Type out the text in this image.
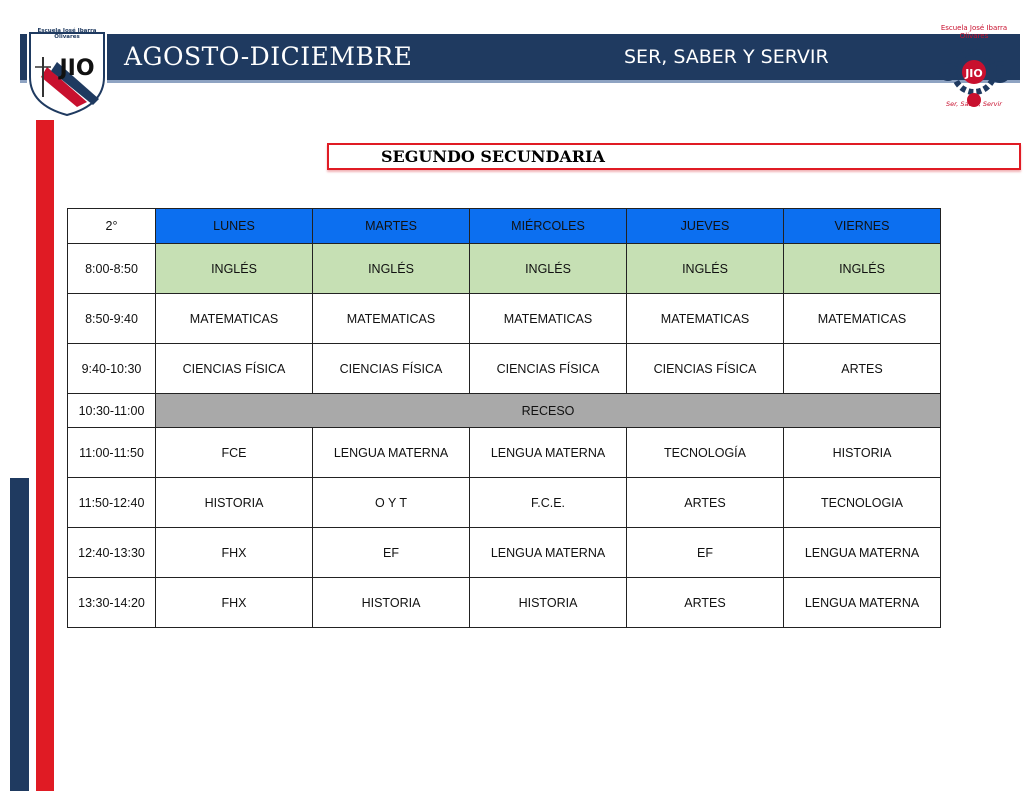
AGOSTO-DICIEMBRE	SER, SABER Y SERVIR
JIO
Escuela José Ibarra Olivares
JIO
Escuela José Ibarra Olivares
Ser, Saber, Servir
SEGUNDO SECUNDARIA
2°	LUNES	MARTES	MIÉRCOLES	JUEVES	VIERNES
8:00-8:50	INGLÉS	INGLÉS	INGLÉS	INGLÉS	INGLÉS
8:50-9:40	MATEMATICAS	MATEMATICAS	MATEMATICAS	MATEMATICAS	MATEMATICAS
9:40-10:30	CIENCIAS FÍSICA	CIENCIAS FÍSICA	CIENCIAS FÍSICA	CIENCIAS FÍSICA	ARTES
10:30-11:00	RECESO				
11:00-11:50	FCE	LENGUA MATERNA	LENGUA MATERNA	TECNOLOGÍA	HISTORIA
11:50-12:40	HISTORIA	O Y T	F.C.E.	ARTES	TECNOLOGIA
12:40-13:30	FHX	EF	LENGUA MATERNA	EF	LENGUA MATERNA
13:30-14:20	FHX	HISTORIA	HISTORIA	ARTES	LENGUA MATERNA
